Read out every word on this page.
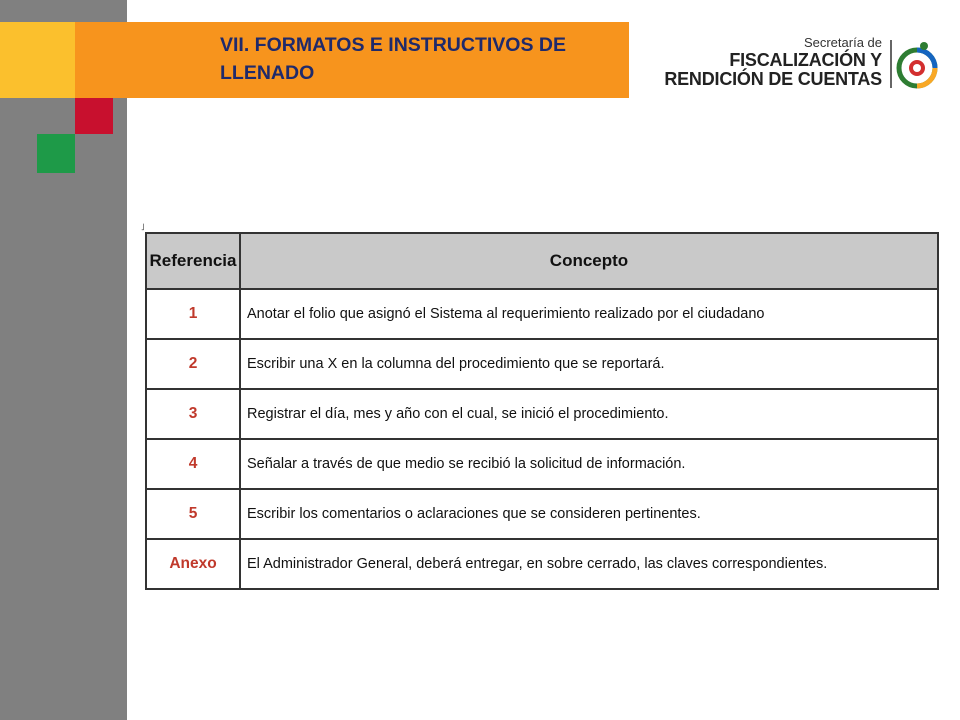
VII. FORMATOS E INSTRUCTIVOS DE
LLENADO
Secretaría de
FISCALIZACIÓN Y
RENDICIÓN DE CUENTAS
˩
Referencia	Concepto
1	Anotar el folio que asignó el Sistema al requerimiento realizado por el ciudadano
2	Escribir una X en la columna del procedimiento que se reportará.
3	Registrar el día, mes y año con el cual, se inició el procedimiento.
4	Señalar a través de que medio se recibió la solicitud de información.
5	Escribir los comentarios o aclaraciones que se consideren pertinentes.
Anexo	El Administrador General, deberá entregar, en sobre cerrado, las claves correspondientes.
